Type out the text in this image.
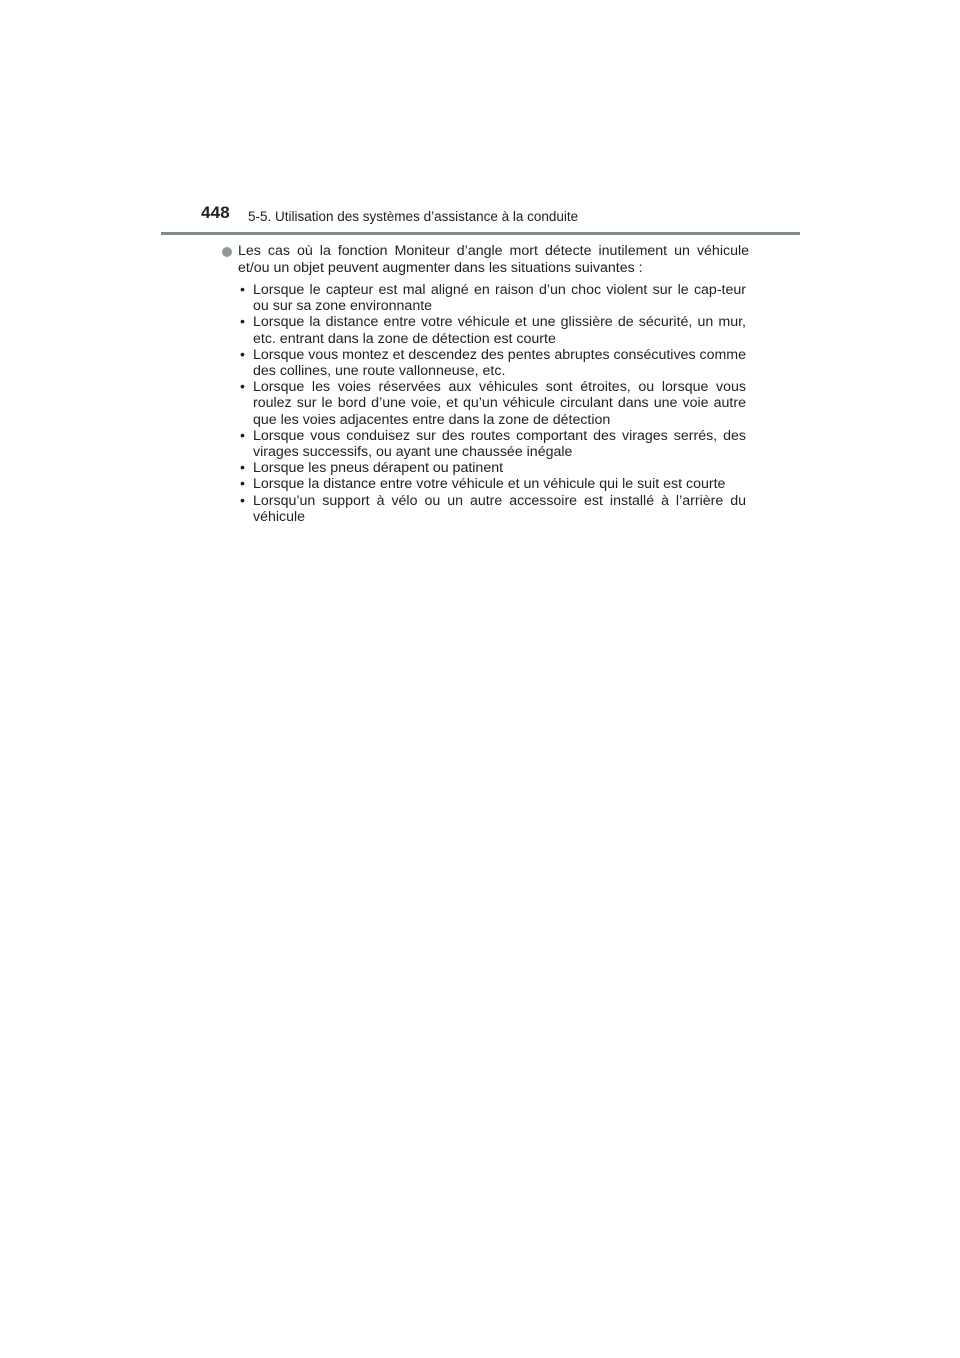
448 5-5. Utilisation des systèmes d’assistance à la conduite
Les cas où la fonction Moniteur d’angle mort détecte inutilement un véhicule et/ou un objet peuvent augmenter dans les situations suivantes :
• Lorsque le capteur est mal aligné en raison d’un choc violent sur le cap-teur ou sur sa zone environnante
• Lorsque la distance entre votre véhicule et une glissière de sécurité, un mur, etc. entrant dans la zone de détection est courte
• Lorsque vous montez et descendez des pentes abruptes consécutives comme des collines, une route vallonneuse, etc.
• Lorsque les voies réservées aux véhicules sont étroites, ou lorsque vous roulez sur le bord d’une voie, et qu’un véhicule circulant dans une voie autre que les voies adjacentes entre dans la zone de détection
• Lorsque vous conduisez sur des routes comportant des virages serrés, des virages successifs, ou ayant une chaussée inégale
• Lorsque les pneus dérapent ou patinent
• Lorsque la distance entre votre véhicule et un véhicule qui le suit est courte
• Lorsqu’un support à vélo ou un autre accessoire est installé à l’arrière du véhicule
